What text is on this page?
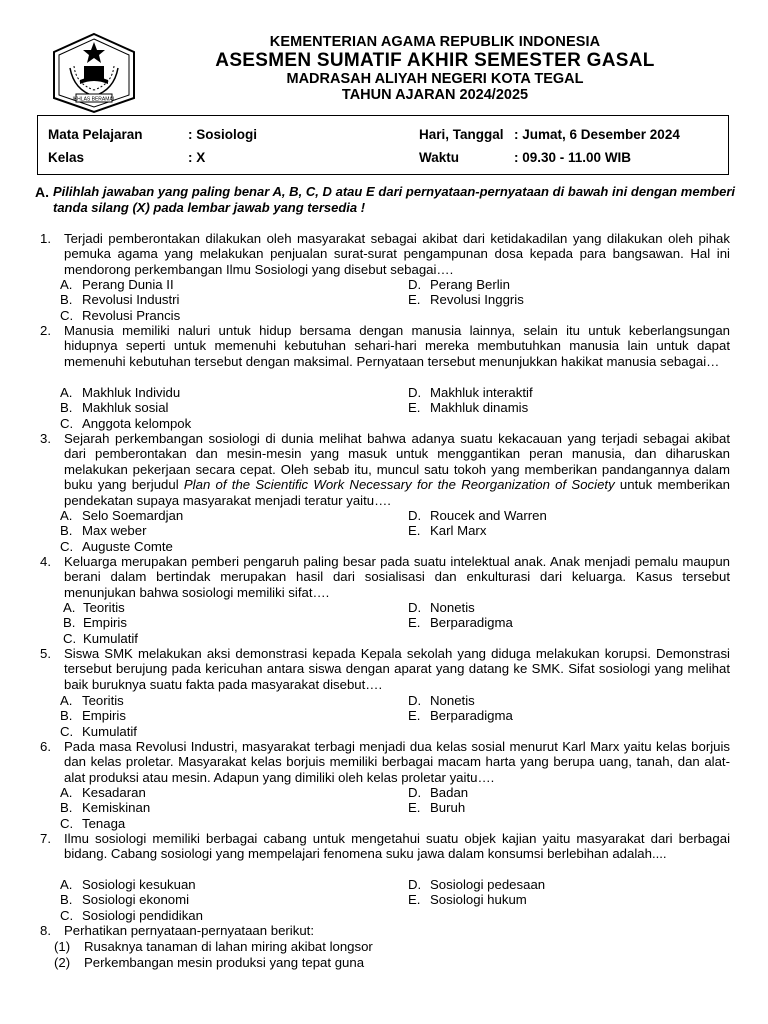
IKHLAS BERAMAL
KEMENTERIAN AGAMA REPUBLIK INDONESIA
ASESMEN SUMATIF AKHIR SEMESTER GASAL
MADRASAH ALIYAH NEGERI KOTA TEGAL
TAHUN AJARAN 2024/2025
Mata Pelajaran	: Sosiologi
Kelas	: X
Hari, Tanggal : Jumat, 6 Desember 2024
Waktu	: 09.30 - 11.00 WIB
A. Pilihlah jawaban yang paling benar A, B, C, D atau E dari pernyataan-pernyataan di bawah ini dengan memberi tanda silang (X) pada lembar jawab yang tersedia !
1. Terjadi pemberontakan dilakukan oleh masyarakat sebagai akibat dari ketidakadilan yang dilakukan oleh pihak pemuka agama yang melakukan penjualan surat-surat pengampunan dosa kepada para bangsawan. Hal ini mendorong perkembangan Ilmu Sosiologi yang disebut sebagai….
A. Perang Dunia II
B. Revolusi Industri
C. Revolusi Prancis
D. Perang Berlin
E. Revolusi Inggris
2. Manusia memiliki naluri untuk hidup bersama dengan manusia lainnya, selain itu untuk keberlangsungan hidupnya seperti untuk memenuhi kebutuhan sehari-hari mereka membutuhkan manusia lain untuk dapat memenuhi kebutuhan tersebut dengan maksimal. Pernyataan tersebut menunjukkan hakikat manusia sebagai…
A. Makhluk Individu
B. Makhluk sosial
C. Anggota kelompok
D. Makhluk interaktif
E. Makhluk dinamis
3. Sejarah perkembangan sosiologi di dunia melihat bahwa adanya suatu kekacauan yang terjadi sebagai akibat dari pemberontakan dan mesin-mesin yang masuk untuk menggantikan peran manusia, dan diharuskan melakukan pekerjaan secara cepat. Oleh sebab itu, muncul satu tokoh yang memberikan pandangannya dalam buku yang berjudul Plan of the Scientific Work Necessary for the Reorganization of Society untuk memberikan pendekatan supaya masyarakat menjadi teratur yaitu….
A. Selo Soemardjan
B. Max weber
C. Auguste Comte
D. Roucek and Warren
E. Karl Marx
4. Keluarga merupakan pemberi pengaruh paling besar pada suatu intelektual anak. Anak menjadi pemalu maupun berani dalam bertindak merupakan hasil dari sosialisasi dan enkulturasi dari keluarga. Kasus tersebut menunjukan bahwa sosiologi memiliki sifat….
A. Teoritis
B. Empiris
C. Kumulatif
D. Nonetis
E. Berparadigma
5. Siswa SMK melakukan aksi demonstrasi kepada Kepala sekolah yang diduga melakukan korupsi. Demonstrasi tersebut berujung pada kericuhan antara siswa dengan aparat yang datang ke SMK. Sifat sosiologi yang melihat baik buruknya suatu fakta pada masyarakat disebut….
A. Teoritis
B. Empiris
C. Kumulatif
D. Nonetis
E. Berparadigma
6. Pada masa Revolusi Industri, masyarakat terbagi menjadi dua kelas sosial menurut Karl Marx yaitu kelas borjuis dan kelas proletar. Masyarakat kelas borjuis memiliki berbagai macam harta yang berupa uang, tanah, dan alat-alat produksi atau mesin. Adapun yang dimiliki oleh kelas proletar yaitu….
A. Kesadaran
B. Kemiskinan
C. Tenaga
D. Badan
E. Buruh
7. Ilmu sosiologi memiliki berbagai cabang untuk mengetahui suatu objek kajian yaitu masyarakat dari berbagai bidang. Cabang sosiologi yang mempelajari fenomena suku jawa dalam konsumsi berlebihan adalah....
A. Sosiologi kesukuan
B. Sosiologi ekonomi
C. Sosiologi pendidikan
D. Sosiologi pedesaan
E. Sosiologi hukum
8. Perhatikan pernyataan-pernyataan berikut:
(1) Rusaknya tanaman di lahan miring akibat longsor
(2) Perkembangan mesin produksi yang tepat guna
